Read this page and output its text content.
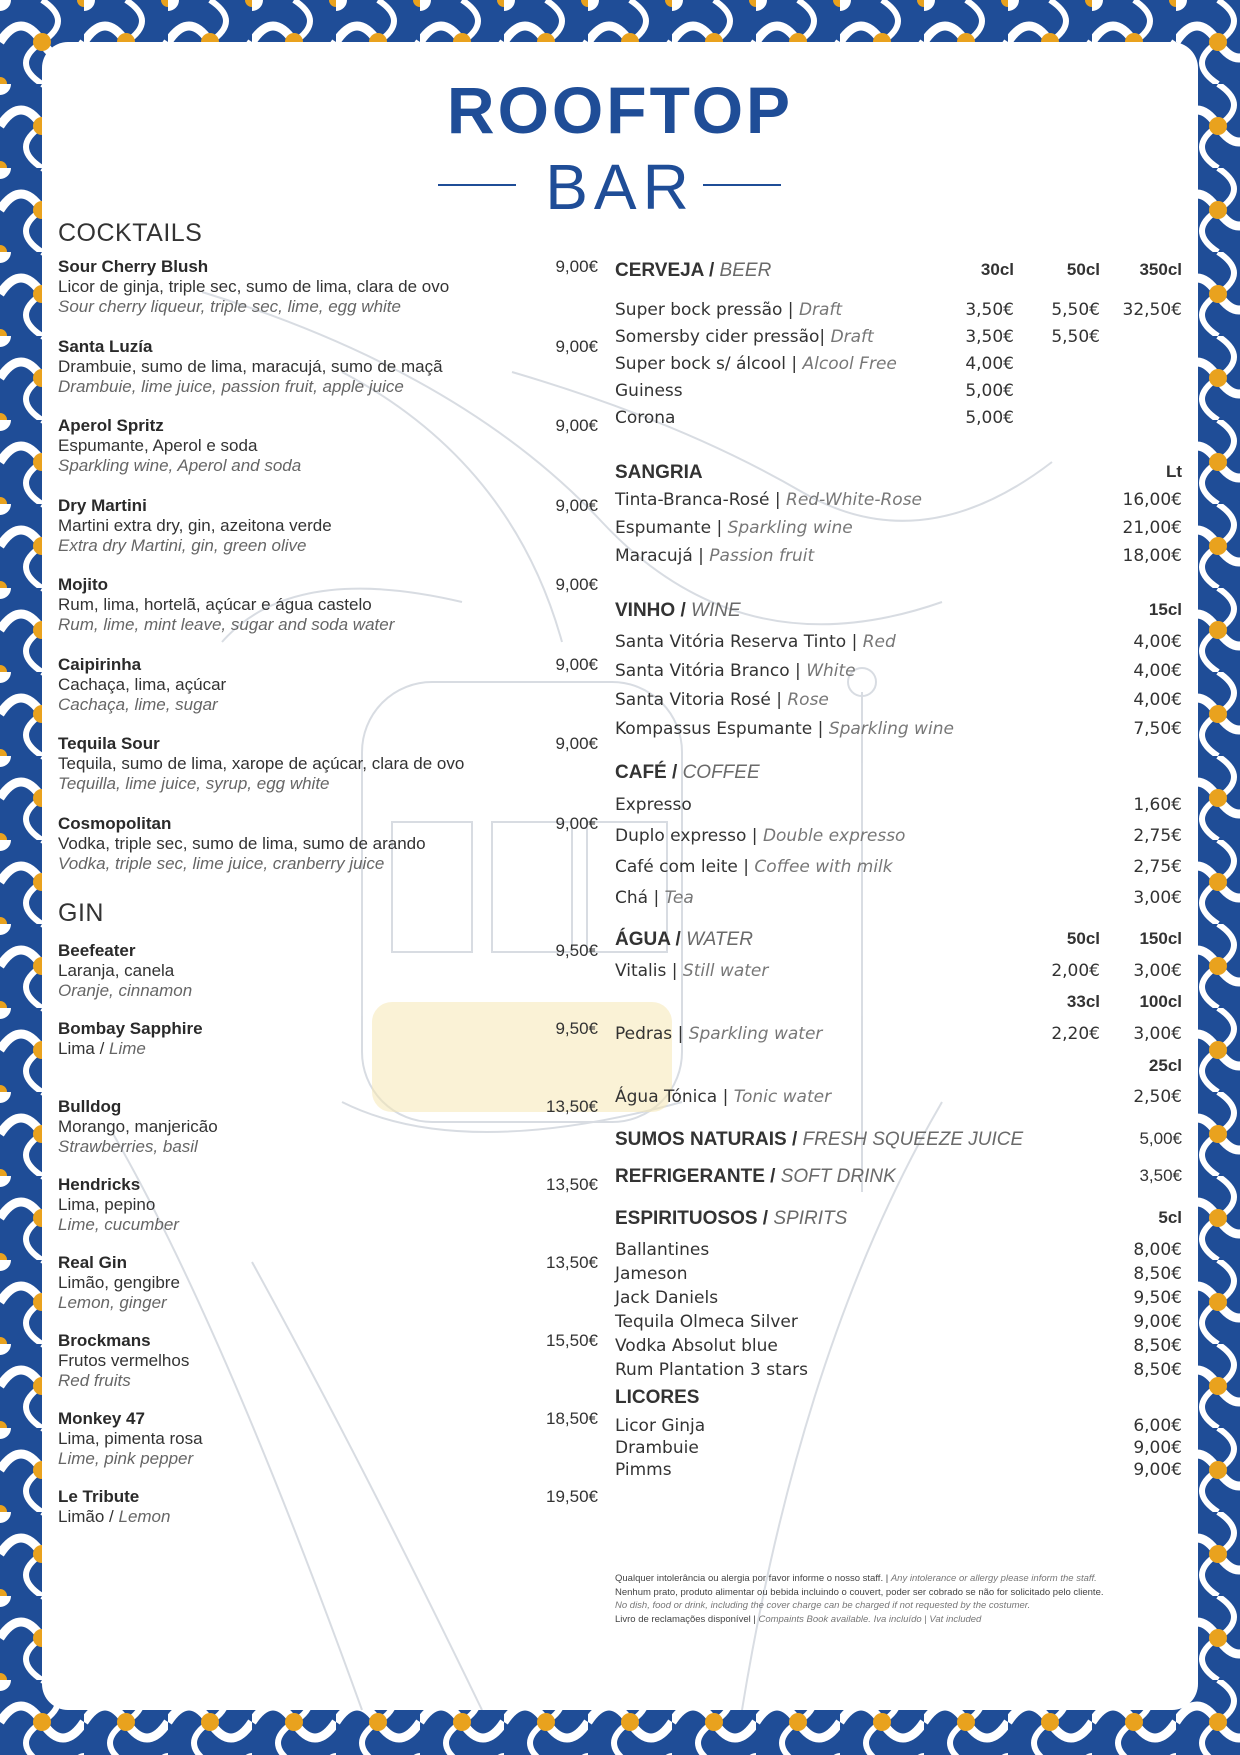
ROOFTOP
BAR
COCKTAILS
Sour Cherry Blush
Licor de ginja, triple sec, sumo de lima, clara de ovo
Sour cherry liqueur, triple sec, lime, egg white
9,00€
Santa Luzía
Drambuie, sumo de lima, maracujá, sumo de maçã
Drambuie, lime juice, passion fruit, apple juice
9,00€
Aperol Spritz
Espumante, Aperol e soda
Sparkling wine, Aperol and soda
9,00€
Dry Martini
Martini extra dry, gin, azeitona verde
Extra dry Martini, gin, green olive
9,00€
Mojito
Rum, lima, hortelã, açúcar e água castelo
Rum, lime, mint leave, sugar and soda water
9,00€
Caipirinha
Cachaça, lima, açúcar
Cachaça, lime, sugar
9,00€
Tequila Sour
Tequila, sumo de lima, xarope de açúcar, clara de ovo
Tequilla, lime juice, syrup, egg white
9,00€
Cosmopolitan
Vodka, triple sec, sumo de lima, sumo de arando
Vodka, triple sec, lime juice, cranberry juice
9,00€
GIN
Beefeater
Laranja, canela
Oranje, cinnamon
9,50€
Bombay Sapphire
Lima / Lime
9,50€
Bulldog
Morango, manjericão
Strawberries, basil
13,50€
Hendricks
Lima, pepino
Lime, cucumber
13,50€
Real Gin
Limão, gengibre
Lemon, ginger
13,50€
Brockmans
Frutos vermelhos
Red fruits
15,50€
Monkey 47
Lima, pimenta rosa
Lime, pink pepper
18,50€
Le Tribute
Limão / Lemon
19,50€
CERVEJA / BEER	30cl	50cl	350cl
Super bock pressão | Draft	3,50€	5,50€	32,50€
Somersby cider pressão| Draft	3,50€	5,50€
Super bock s/ álcool | Alcool Free	4,00€
Guiness	5,00€
Corona	5,00€
SANGRIA	Lt
Tinta-Branca-Rosé | Red-White-Rose	16,00€
Espumante | Sparkling wine	21,00€
Maracujá | Passion fruit	18,00€
VINHO / WINE	15cl
Santa Vitória Reserva Tinto | Red	4,00€
Santa Vitória Branco | White	4,00€
Santa Vitoria Rosé | Rose	4,00€
Kompassus Espumante | Sparkling wine	7,50€
CAFÉ / COFFEE
Expresso	1,60€
Duplo expresso | Double expresso	2,75€
Café com leite | Coffee with milk	2,75€
Chá | Tea	3,00€
ÁGUA / WATER	50cl	150cl
Vitalis | Still water	2,00€	3,00€
33cl	100cl
Pedras | Sparkling water	2,20€	3,00€
25cl
Água Tónica | Tonic water	2,50€
SUMOS NATURAIS / FRESH SQUEEZE JUICE	5,00€
REFRIGERANTE / SOFT DRINK	3,50€
ESPIRITUOSOS / SPIRITS	5cl
Ballantines	8,00€
Jameson	8,50€
Jack Daniels	9,50€
Tequila Olmeca Silver	9,00€
Vodka Absolut blue	8,50€
Rum Plantation 3 stars	8,50€
LICORES
Licor Ginja	6,00€
Drambuie	9,00€
Pimms	9,00€
Qualquer intolerância ou alergia por favor informe o nosso staff. | Any intolerance or allergy please inform the staff.
Nenhum prato, produto alimentar ou bebida incluindo o couvert, poder ser cobrado se não for solicitado pelo cliente.
No dish, food or drink, including the cover charge can be charged if not requested by the costumer.
Livro de reclamações disponível | Compaints Book available. Iva incluído | Vat included
